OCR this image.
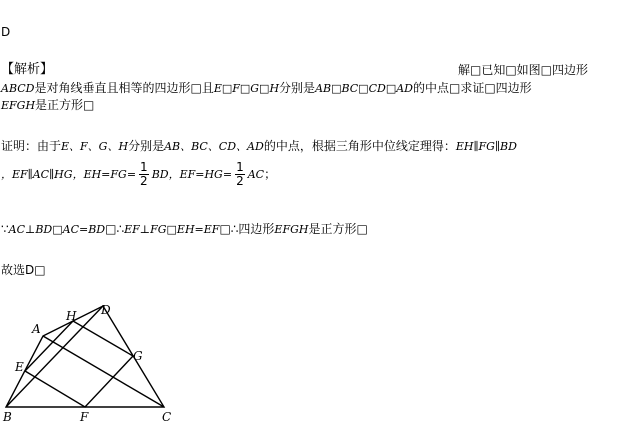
D
【解析】	解□已知□如图□四边形
ABCD是对角线垂直且相等的四边形□且E□F□G□H分别是AB□BC□CD□AD的中点□求证□四边形
EFGH是正方形□
证明：由于E、F、G、H分别是AB、BC、CD、AD的中点，根据三角形中位线定理得：EH∥FG∥BD
，EF∥AC∥HG，$EH=FG= \frac{1}{2}$ BD，$EF=HG= \frac{1}{2}$ AC；
∵AC⊥BD□AC=BD□∴EF⊥FG□EH=EF□∴四边形EFGH是正方形□
故选D□
A
H D
G
E
B	F	C
